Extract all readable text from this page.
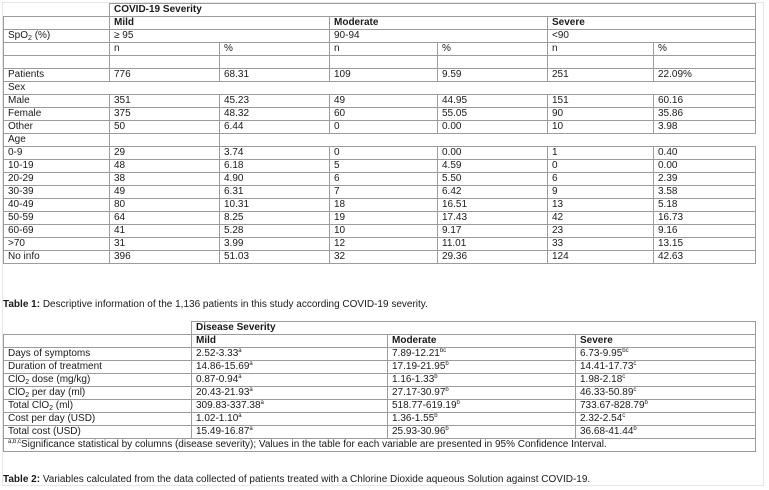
	COVID-19 Severity					
	Mild		Moderate		Severe	
SpO$_2$ (%)	≥ 95		90-94		<90	
	n	%	n	%	n	%

Patients	776	68.31	109	9.59	251	22.09%
Sex						
Male	351	45.23	49	44.95	151	60.16
Female	375	48.32	60	55.05	90	35.86
Other	50	6.44	0	0.00	10	3.98
Age						
0-9	29	3.74	0	0.00	1	0.40
10-19	48	6.18	5	4.59	0	0.00
20-29	38	4.90	6	5.50	6	2.39
30-39	49	6.31	7	6.42	9	3.58
40-49	80	10.31	18	16.51	13	5.18
50-59	64	8.25	19	17.43	42	16.73
60-69	41	5.28	10	9.17	23	9.16
>70	31	3.99	12	11.01	33	13.15
No info	396	51.03	32	29.36	124	42.63
Table 1: Descriptive information of the 1,136 patients in this study according COVID-19 severity.
	Disease Severity		
	Mild	Moderate	Severe
Days of symptoms	2.52-3.33$^a$	7.89-12.21$^{bc}$	6.73-9.95$^{bc}$
Duration of treatment	14.86-15.69$^a$	17.19-21.95$^b$	14.41-17.73$^c$
ClO$_2$ dose (mg/kg)	0.87-0.94$^a$	1.16-1.33$^b$	1.98-2.18$^c$
ClO$_2$ per day (ml)	20.43-21.93$^a$	27.17-30.97$^b$	46.33-50.89$^c$
Total ClO$_2$ (ml)	309.83-337.38$^a$	518.77-619.19$^b$	733.67-828.79$^b$
Cost per day (USD)	1.02-1.10$^a$	1.36-1.55$^b$	2.32-2.54$^c$
Total cost (USD)	15.49-16.87$^a$	25.93-30.96$^b$	36.68-41.44$^b$
$^{a,b,c}$Significance statistical by columns (disease severity); Values in the table for each variable are presented in 95% Confidence Interval.			
Table 2: Variables calculated from the data collected of patients treated with a Chlorine Dioxide aqueous Solution against COVID-19.
